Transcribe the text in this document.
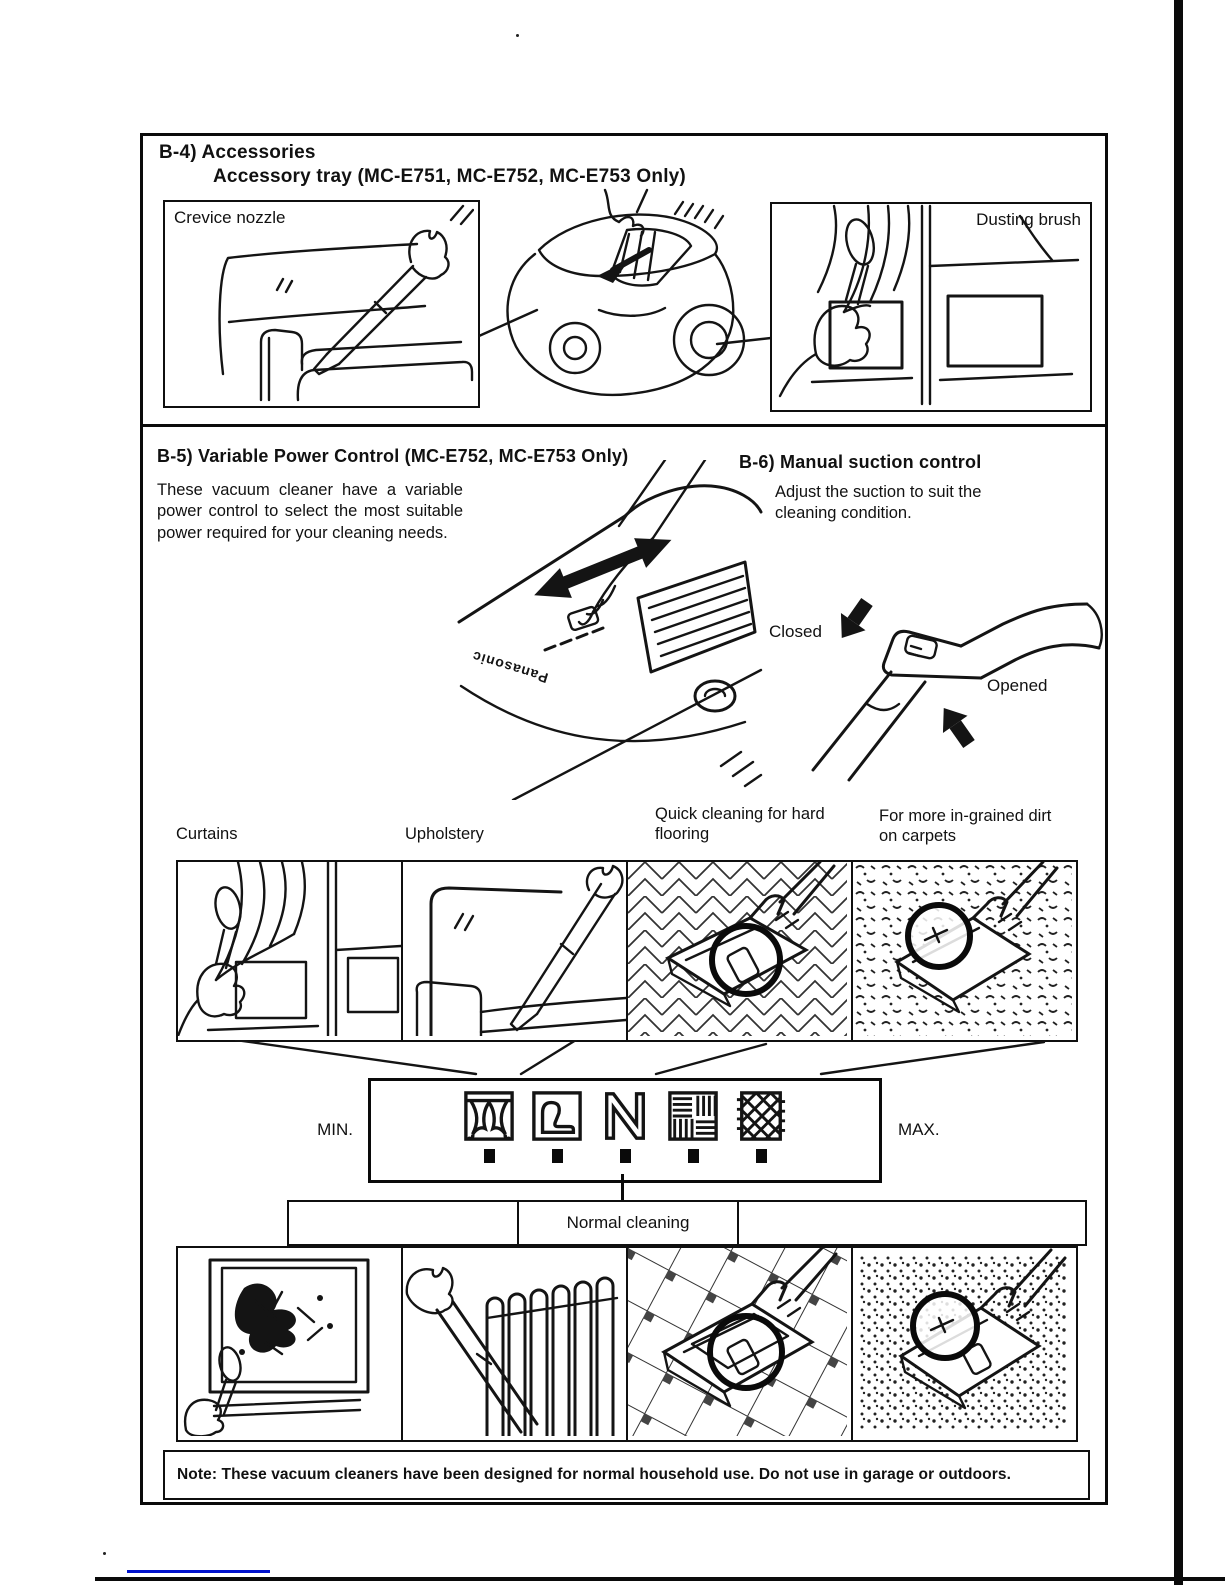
B-4) Accessories
Accessory tray (MC-E751, MC-E752, MC-E753 Only)
Crevice nozzle	Dusting brush
B-5) Variable Power Control (MC-E752, MC-E753 Only)
These vacuum cleaner have a variable power control to select the most suitable power required for your cleaning needs.
Panasonic
B-6) Manual suction control
Adjust the suction to suit the cleaning condition.
Closed
Opened
Curtains	Upholstery
Quick cleaning for hard flooring
For more in-grained dirt on carpets
MIN.	MAX.
Normal cleaning
Note: These vacuum cleaners have been designed for normal household use. Do not use in garage or outdoors.
